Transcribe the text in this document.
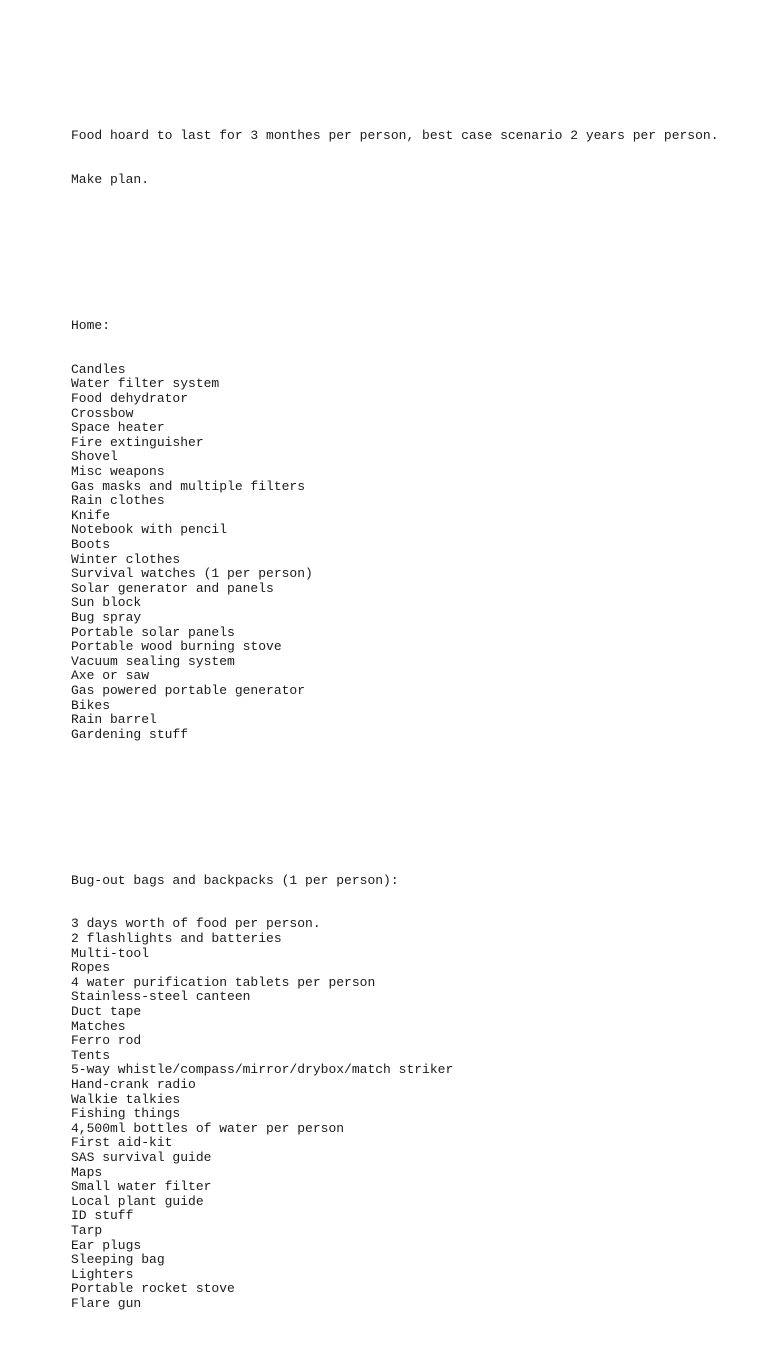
Food hoard to last for 3 monthes per person, best case scenario 2 years per person.

Make plan.

Home:

Candles
Water filter system
Food dehydrator
Crossbow
Space heater
Fire extinguisher
Shovel
Misc weapons
Gas masks and multiple filters
Rain clothes
Knife
Notebook with pencil
Boots
Winter clothes
Survival watches (1 per person)
Solar generator and panels
Sun block
Bug spray
Portable solar panels
Portable wood burning stove
Vacuum sealing system
Axe or saw
Gas powered portable generator
Bikes
Rain barrel
Gardening stuff

Bug-out bags and backpacks (1 per person):

3 days worth of food per person.
2 flashlights and batteries
Multi-tool
Ropes
4 water purification tablets per person
Stainless-steel canteen
Duct tape
Matches
Ferro rod
Tents
5-way whistle/compass/mirror/drybox/match striker
Hand-crank radio
Walkie talkies
Fishing things
4,500ml bottles of water per person
First aid-kit
SAS survival guide
Maps
Small water filter
Local plant guide
ID stuff
Tarp
Ear plugs
Sleeping bag
Lighters
Portable rocket stove
Flare gun
